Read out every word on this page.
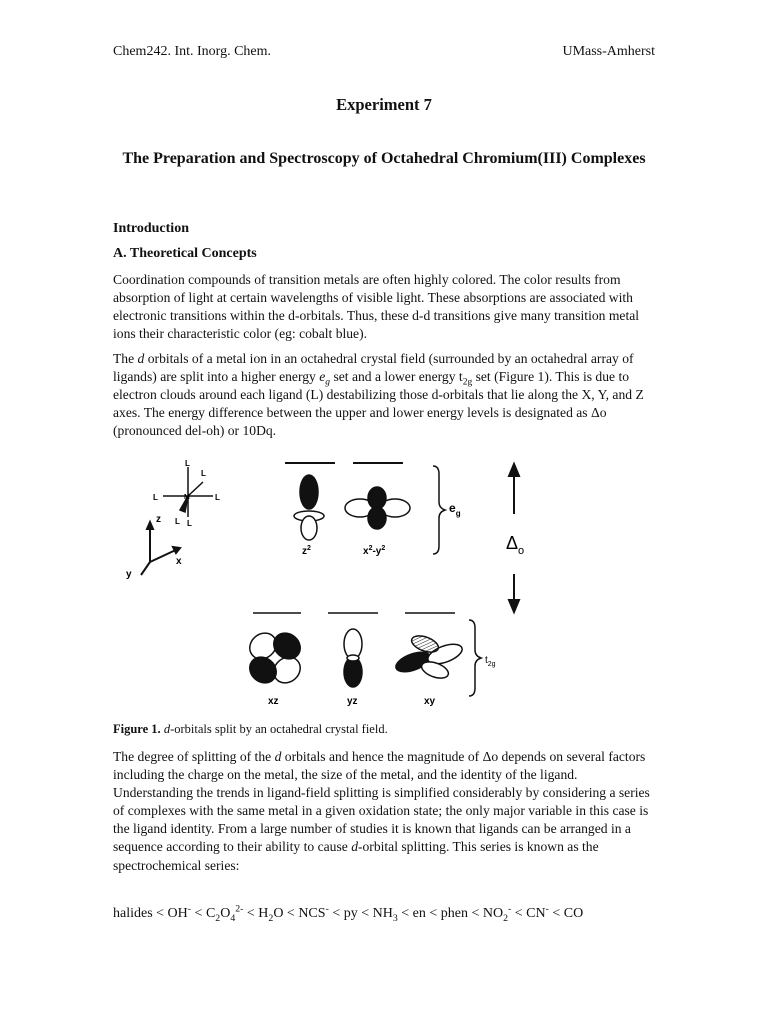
Chem242. Int. Inorg. Chem.	UMass-Amherst
Experiment 7
The Preparation and Spectroscopy of Octahedral Chromium(III) Complexes
Introduction
A. Theoretical Concepts
Coordination compounds of transition metals are often highly colored. The color results from absorption of light at certain wavelengths of visible light. These absorptions are associated with electronic transitions within the d-orbitals. Thus, these d-d transitions give many transition metal ions their characteristic color (eg: cobalt blue).
The d orbitals of a metal ion in an octahedral crystal field (surrounded by an octahedral array of ligands) are split into a higher energy $e_g$ set and a lower energy $t_{2g}$ set (Figure 1). This is due to electron clouds around each ligand (L) destabilizing those d-orbitals that lie along the X, Y, and Z axes. The energy difference between the upper and lower energy levels is designated as Δo (pronounced del-oh) or 10Dq.
z
x
y
L	L
L
L
L L
M
$z^2$	$x^2-y^2$
$e_g$
$\Delta_o$
xz	yz	xy
$t_{2g}$
Figure 1. d-orbitals split by an octahedral crystal field.
The degree of splitting of the d orbitals and hence the magnitude of Δo depends on several factors including the charge on the metal, the size of the metal, and the identity of the ligand. Understanding the trends in ligand-field splitting is simplified considerably by considering a series of complexes with the same metal in a given oxidation state; the only major variable in this case is the ligand identity. From a large number of studies it is known that ligands can be arranged in a sequence according to their ability to cause d-orbital splitting. This series is known as the spectrochemical series:
halides < $OH^- < C_2O_4^{2-} < H_2O < NCS^-$ < py < $NH_3$ < en < phen < $NO_2^- < CN^-$ < CO
